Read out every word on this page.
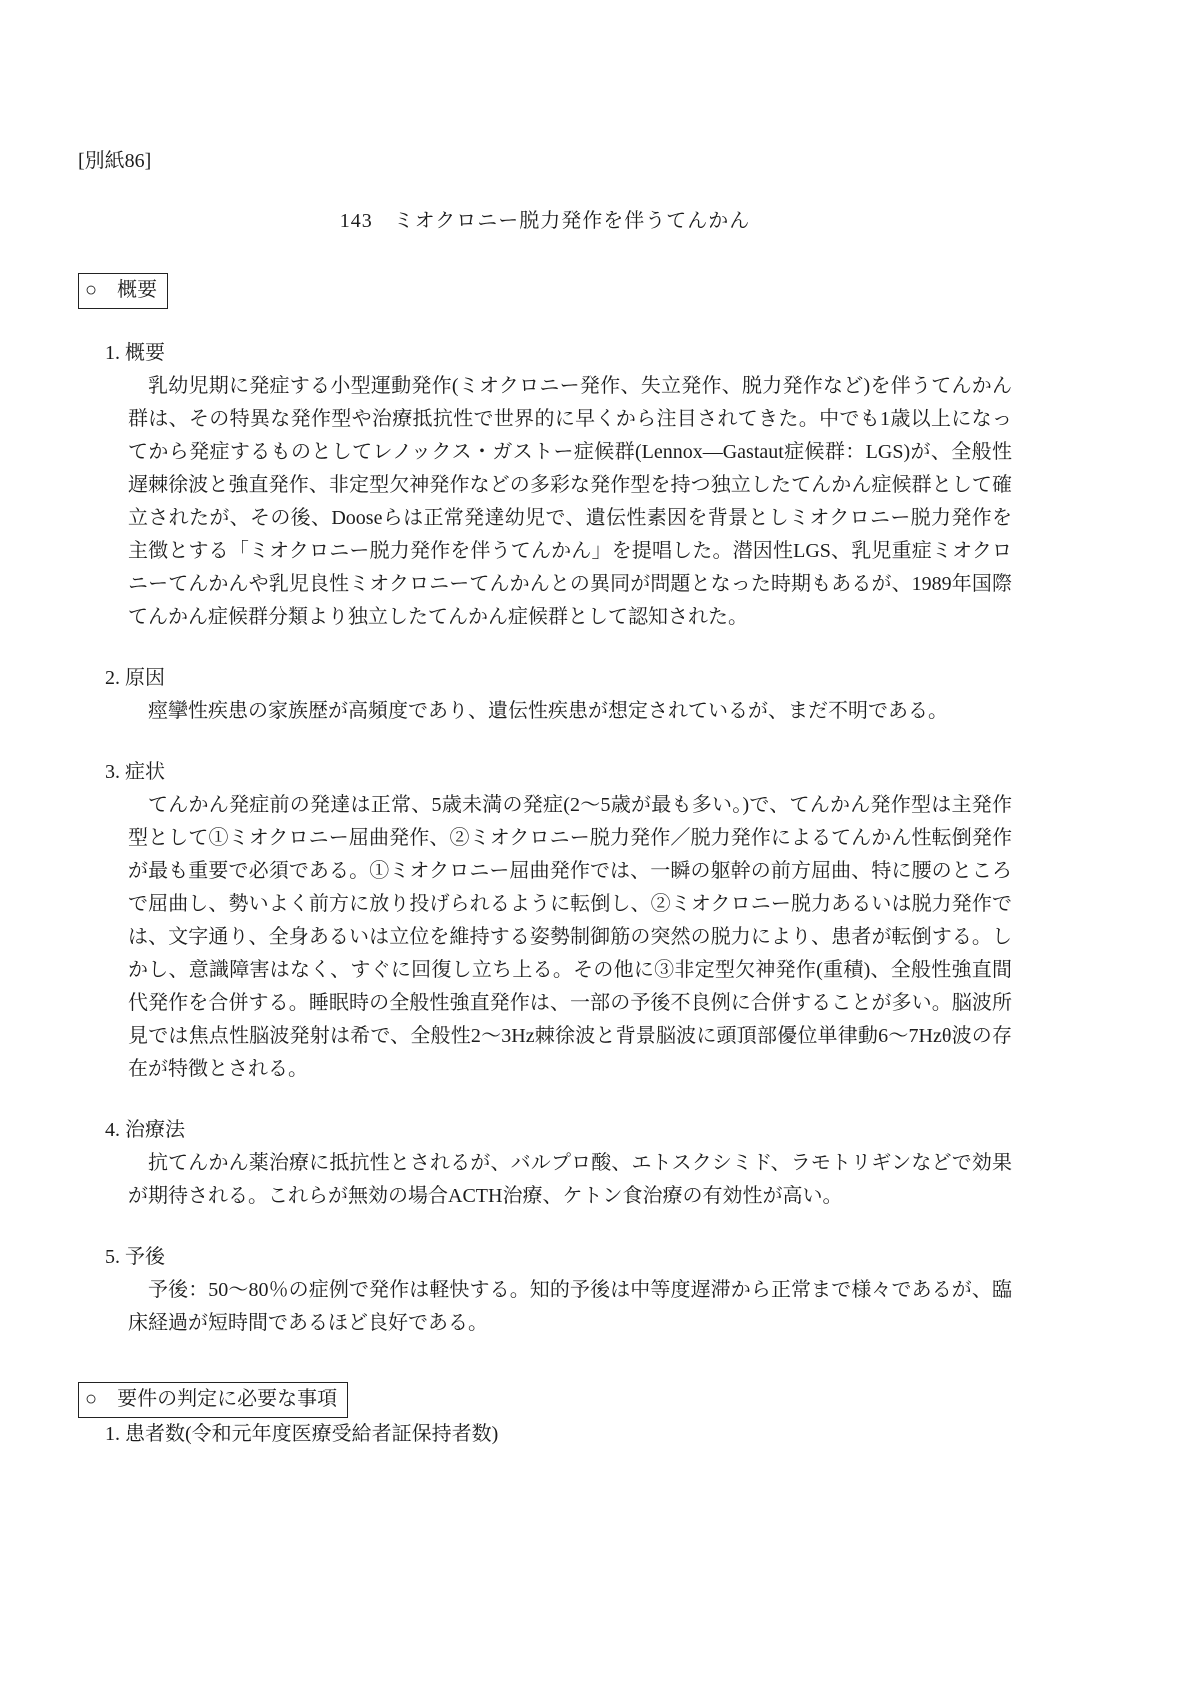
[別紙86]
143　ミオクロニー脱力発作を伴うてんかん
○　概要
1. 概要

乳幼児期に発症する小型運動発作(ミオクロニー発作、失立発作、脱力発作など)を伴うてんかん群は、その特異な発作型や治療抵抗性で世界的に早くから注目されてきた。中でも1歳以上になってから発症するものとしてレノックス・ガストー症候群(Lennox―Gastaut症候群：LGS)が、全般性遅棘徐波と強直発作、非定型欠神発作などの多彩な発作型を持つ独立したてんかん症候群として確立されたが、その後、Dooseらは正常発達幼児で、遺伝性素因を背景としミオクロニー脱力発作を主徴とする「ミオクロニー脱力発作を伴うてんかん」を提唱した。潜因性LGS、乳児重症ミオクロニーてんかんや乳児良性ミオクロニーてんかんとの異同が問題となった時期もあるが、1989年国際てんかん症候群分類より独立したてんかん症候群として認知された。

2. 原因

痙攣性疾患の家族歴が高頻度であり、遺伝性疾患が想定されているが、まだ不明である。

3. 症状

てんかん発症前の発達は正常、5歳未満の発症(2〜5歳が最も多い。)で、てんかん発作型は主発作型として①ミオクロニー屈曲発作、②ミオクロニー脱力発作／脱力発作によるてんかん性転倒発作が最も重要で必須である。①ミオクロニー屈曲発作では、一瞬の躯幹の前方屈曲、特に腰のところで屈曲し、勢いよく前方に放り投げられるように転倒し、②ミオクロニー脱力あるいは脱力発作では、文字通り、全身あるいは立位を維持する姿勢制御筋の突然の脱力により、患者が転倒する。しかし、意識障害はなく、すぐに回復し立ち上る。その他に③非定型欠神発作(重積)、全般性強直間代発作を合併する。睡眠時の全般性強直発作は、一部の予後不良例に合併することが多い。脳波所見では焦点性脳波発射は希で、全般性2〜3Hz棘徐波と背景脳波に頭頂部優位単律動6〜7Hzθ波の存在が特徴とされる。

4. 治療法

抗てんかん薬治療に抵抗性とされるが、バルプロ酸、エトスクシミド、ラモトリギンなどで効果が期待される。これらが無効の場合ACTH治療、ケトン食治療の有効性が高い。

5. 予後

予後：50〜80％の症例で発作は軽快する。知的予後は中等度遅滞から正常まで様々であるが、臨床経過が短時間であるほど良好である。

○　要件の判定に必要な事項
1. 患者数(令和元年度医療受給者証保持者数)
